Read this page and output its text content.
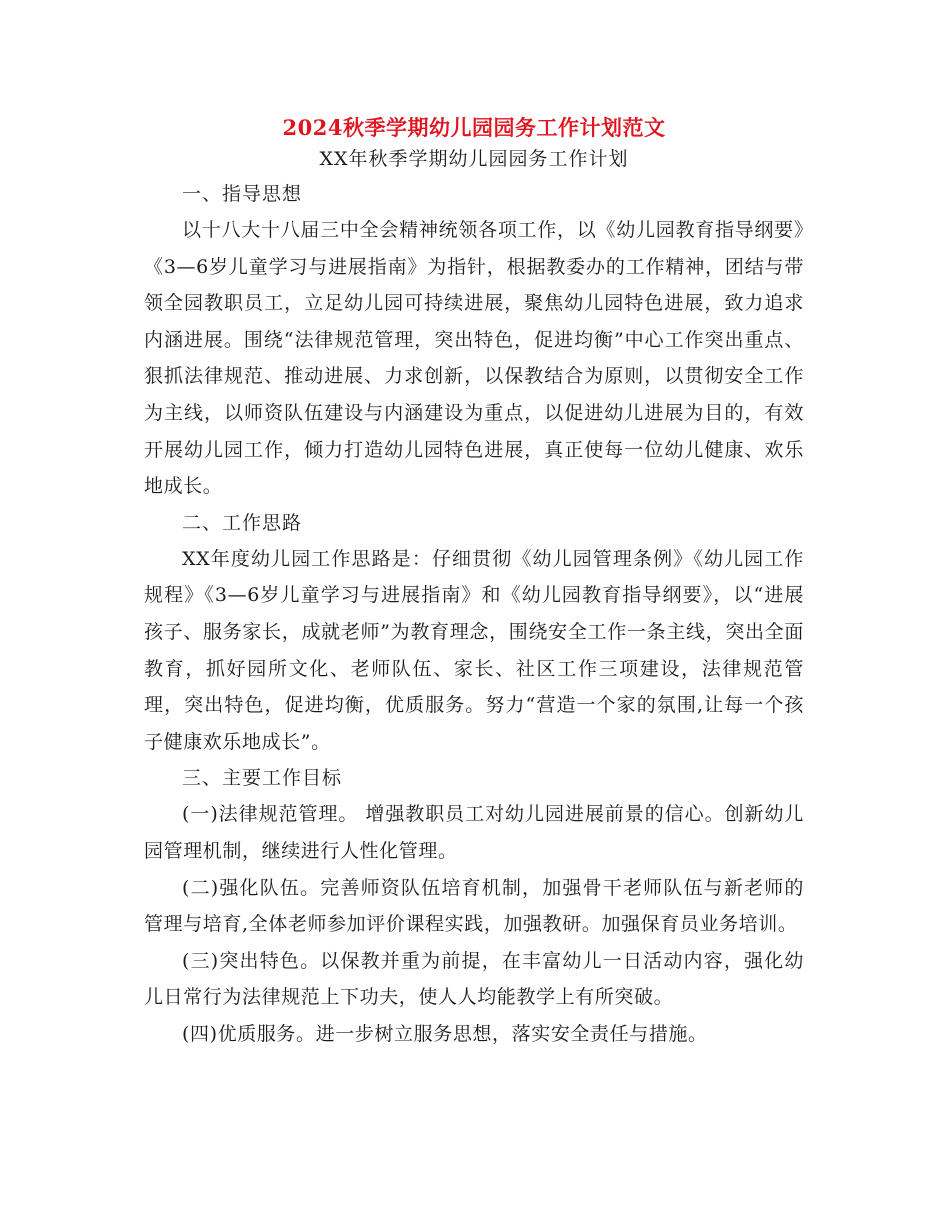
2024秋季学期幼儿园园务工作计划范文
XX年秋季学期幼儿园园务工作计划
一、指导思想

以十八大十八届三中全会精神统领各项工作，以《幼儿园教育指导纲要》《3—6岁儿童学习与进展指南》为指针，根据教委办的工作精神，团结与带领全园教职员工，立足幼儿园可持续进展，聚焦幼儿园特色进展，致力追求内涵进展。围绕“法律规范管理，突出特色，促进均衡”中心工作突出重点、狠抓法律规范、推动进展、力求创新，以保教结合为原则，以贯彻安全工作为主线，以师资队伍建设与内涵建设为重点，以促进幼儿进展为目的，有效开展幼儿园工作，倾力打造幼儿园特色进展，真正使每一位幼儿健康、欢乐地成长。

二、工作思路

XX年度幼儿园工作思路是：仔细贯彻《幼儿园管理条例》《幼儿园工作规程》《3—6岁儿童学习与进展指南》和《幼儿园教育指导纲要》，以“进展孩子、服务家长，成就老师”为教育理念，围绕安全工作一条主线，突出全面教育，抓好园所文化、老师队伍、家长、社区工作三项建设，法律规范管理，突出特色，促进均衡，优质服务。努力“营造一个家的氛围,让每一个孩子健康欢乐地成长”。

三、主要工作目标

(一)法律规范管理。 增强教职员工对幼儿园进展前景的信心。创新幼儿园管理机制，继续进行人性化管理。

(二)强化队伍。完善师资队伍培育机制，加强骨干老师队伍与新老师的管理与培育,全体老师参加评价课程实践，加强教研。加强保育员业务培训。

(三)突出特色。以保教并重为前提，在丰富幼儿一日活动内容，强化幼儿日常行为法律规范上下功夫，使人人均能教学上有所突破。

(四)优质服务。进一步树立服务思想，落实安全责任与措施。
